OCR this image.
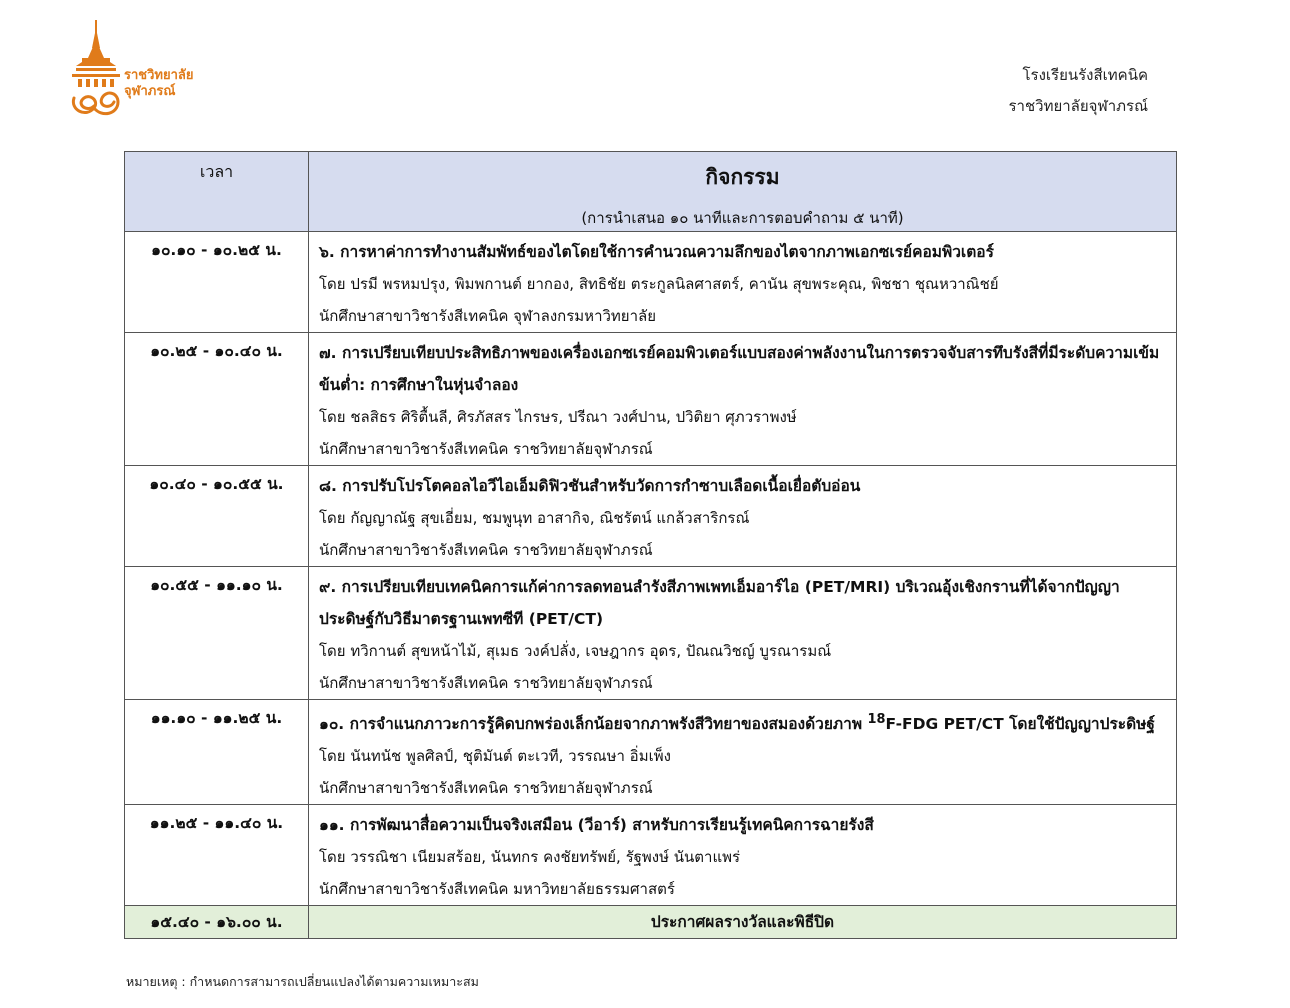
ราชวิทยาลัย
จุฬาภรณ์
โรงเรียนรังสีเทคนิค
ราชวิทยาลัยจุฬาภรณ์
เวลา	กิจกรรม
(การนำเสนอ ๑๐ นาทีและการตอบคำถาม ๕ นาที)

๑๐.๑๐ - ๑๐.๒๕ น.	๖. การหาค่าการทำงานสัมพัทธ์ของไตโดยใช้การคำนวณความลึกของไตจากภาพเอกซเรย์คอมพิวเตอร์

โดย ปรมี พรหมปรุง, พิมพกานต์ ยากอง, สิทธิชัย ตระกูลนิลศาสตร์, คานัน สุขพระคุณ, พิชชา ชุณหวาณิชย์

นักศึกษาสาขาวิชารังสีเทคนิค จุฬาลงกรมหาวิทยาลัย

๑๐.๒๕ - ๑๐.๔๐ น.	๗. การเปรียบเทียบประสิทธิภาพของเครื่องเอกซเรย์คอมพิวเตอร์แบบสองค่าพลังงานในการตรวจจับสารทึบรังสีที่มีระดับความเข้มข้นต่ำ: การศึกษาในหุ่นจำลอง

โดย ชลสิธร ศิริตื้นลี, ศิรภัสสร ไกรษร, ปรีณา วงศ์ปาน, ปวิติยา ศุภวราพงษ์

นักศึกษาสาขาวิชารังสีเทคนิค ราชวิทยาลัยจุฬาภรณ์

๑๐.๔๐ - ๑๐.๕๕ น.	๘. การปรับโปรโตคอลไอวีไอเอ็มดิฟิวชันสำหรับวัดการกำซาบเลือดเนื้อเยื่อตับอ่อน

โดย กัญญาณัฐ สุขเอี่ยม, ชมพูนุท อาสากิจ, ณิชรัตน์ แกล้วสาริกรณ์

นักศึกษาสาขาวิชารังสีเทคนิค ราชวิทยาลัยจุฬาภรณ์

๑๐.๕๕ - ๑๑.๑๐ น.	๙. การเปรียบเทียบเทคนิคการแก้ค่าการลดทอนลำรังสีภาพเพทเอ็มอาร์ไอ (PET/MRI) บริเวณอุ้งเชิงกรานที่ได้จากปัญญาประดิษฐ์กับวิธีมาตรฐานเพทซีที (PET/CT)

โดย ทวิกานต์ สุขหน้าไม้, สุเมธ วงค์ปลั่ง, เจษฎากร อุดร, ปัณณวิชญ์ บูรณารมณ์

นักศึกษาสาขาวิชารังสีเทคนิค ราชวิทยาลัยจุฬาภรณ์

๑๑.๑๐ - ๑๑.๒๕ น.	๑๐. การจำแนกภาวะการรู้คิดบกพร่องเล็กน้อยจากภาพรังสีวิทยาของสมองด้วยภาพ $^{18}$F-FDG PET/CT โดยใช้ปัญญาประดิษฐ์

โดย นันทนัช พูลศิลป์, ชุติมันต์ ตะเวที, วรรณษา อิ่มเพ็ง

นักศึกษาสาขาวิชารังสีเทคนิค ราชวิทยาลัยจุฬาภรณ์

๑๑.๒๕ - ๑๑.๔๐ น.	๑๑. การพัฒนาสื่อความเป็นจริงเสมือน (วีอาร์) สาหรับการเรียนรู้เทคนิคการฉายรังสี

โดย วรรณิชา เนียมสร้อย, นันทกร คงชัยทรัพย์, รัฐพงษ์ นันตาแพร่

นักศึกษาสาขาวิชารังสีเทคนิค มหาวิทยาลัยธรรมศาสตร์

๑๕.๔๐ - ๑๖.๐๐ น.	ประกาศผลรางวัลและพิธีปิด
หมายเหตุ : กำหนดการสามารถเปลี่ยนแปลงได้ตามความเหมาะสม
